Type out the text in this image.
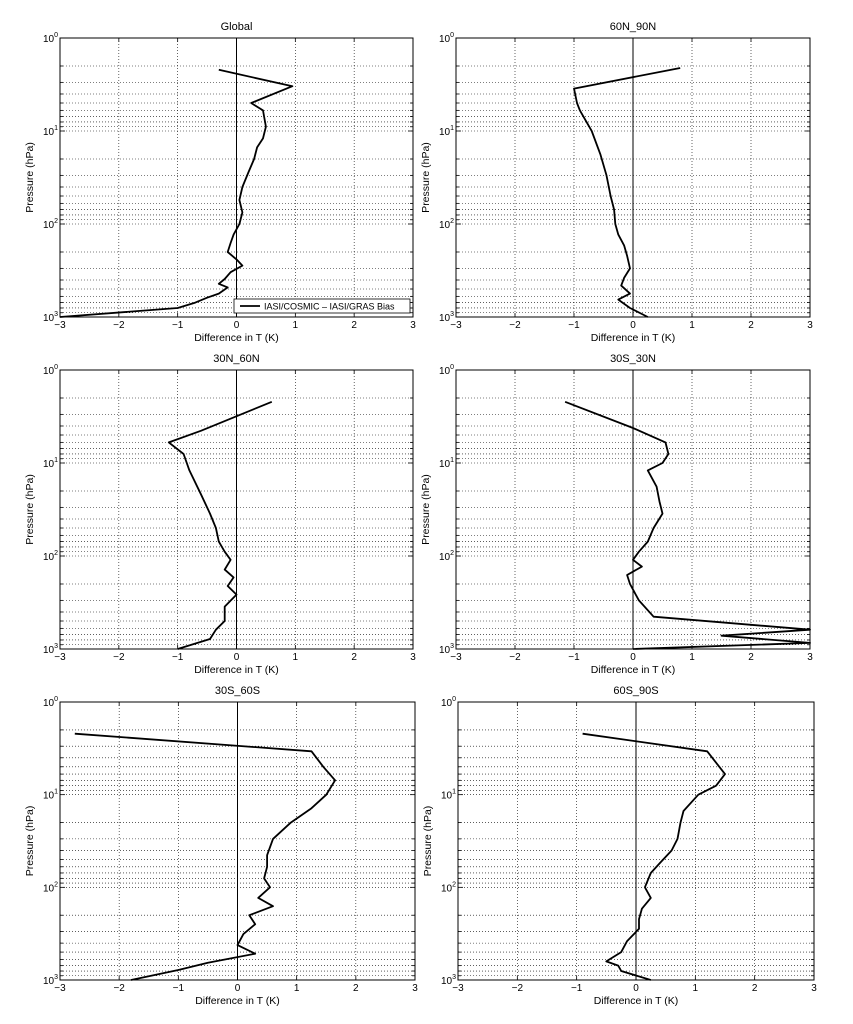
−3	−2	−1	0	1	2	3
$10^0$
$10^1$
$10^2$
$10^3$
Global
Difference in T (K)
Pressure (hPa)
IASI/COSMIC – IASI/GRAS Bias
−3	−2	−1	0	1	2	3
$10^0$
$10^1$
$10^2$
$10^3$
60N_90N
Difference in T (K)
Pressure (hPa)
−3	−2	−1	0	1	2	3
$10^0$
$10^1$
$10^2$
$10^3$
30N_60N
Difference in T (K)
Pressure (hPa)
−3	−2	−1	0	1	2	3
$10^0$
$10^1$
$10^2$
$10^3$
30S_30N
Difference in T (K)
Pressure (hPa)
−3	−2	−1	0	1	2	3
$10^0$
$10^1$
$10^2$
$10^3$
30S_60S
Difference in T (K)
Pressure (hPa)
−3	−2	−1	0	1	2	3
$10^0$
$10^1$
$10^2$
$10^3$
60S_90S
Difference in T (K)
Pressure (hPa)
